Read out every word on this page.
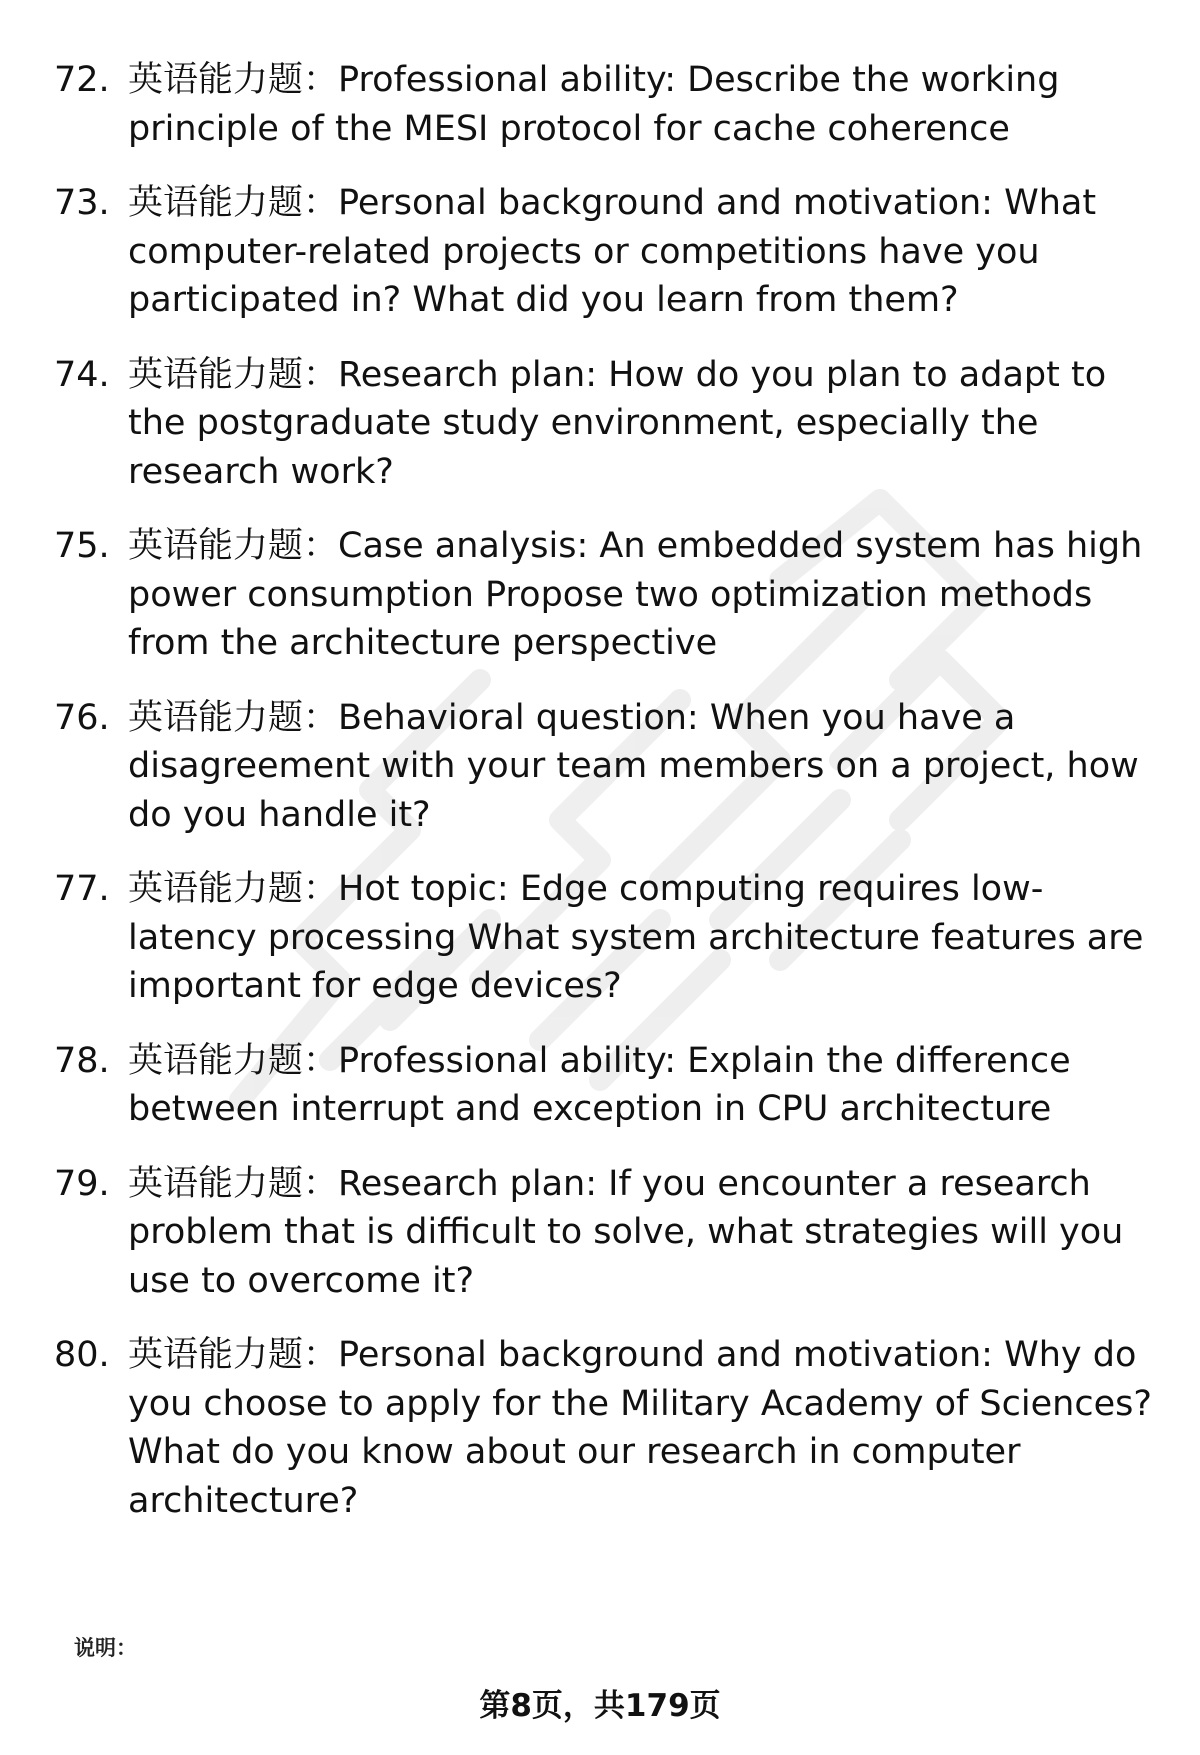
72. 英语能力题：Professional ability: Describe the working principle of the MESI protocol for cache coherence
73. 英语能力题：Personal background and motivation: What computer-related projects or competitions have you participated in? What did you learn from them?
74. 英语能力题：Research plan: How do you plan to adapt to the postgraduate study environment, especially the research work?
75. 英语能力题：Case analysis: An embedded system has high power consumption Propose two optimization methods from the architecture perspective
76. 英语能力题：Behavioral question: When you have a disagreement with your team members on a project, how do you handle it?
77. 英语能力题：Hot topic: Edge computing requires low-latency processing What system architecture features are important for edge devices?
78. 英语能力题：Professional ability: Explain the difference between interrupt and exception in CPU architecture
79. 英语能力题：Research plan: If you encounter a research problem that is difficult to solve, what strategies will you use to overcome it?
80. 英语能力题：Personal background and motivation: Why do you choose to apply for the Military Academy of Sciences? What do you know about our research in computer architecture?
说明：
第8页，共179页
